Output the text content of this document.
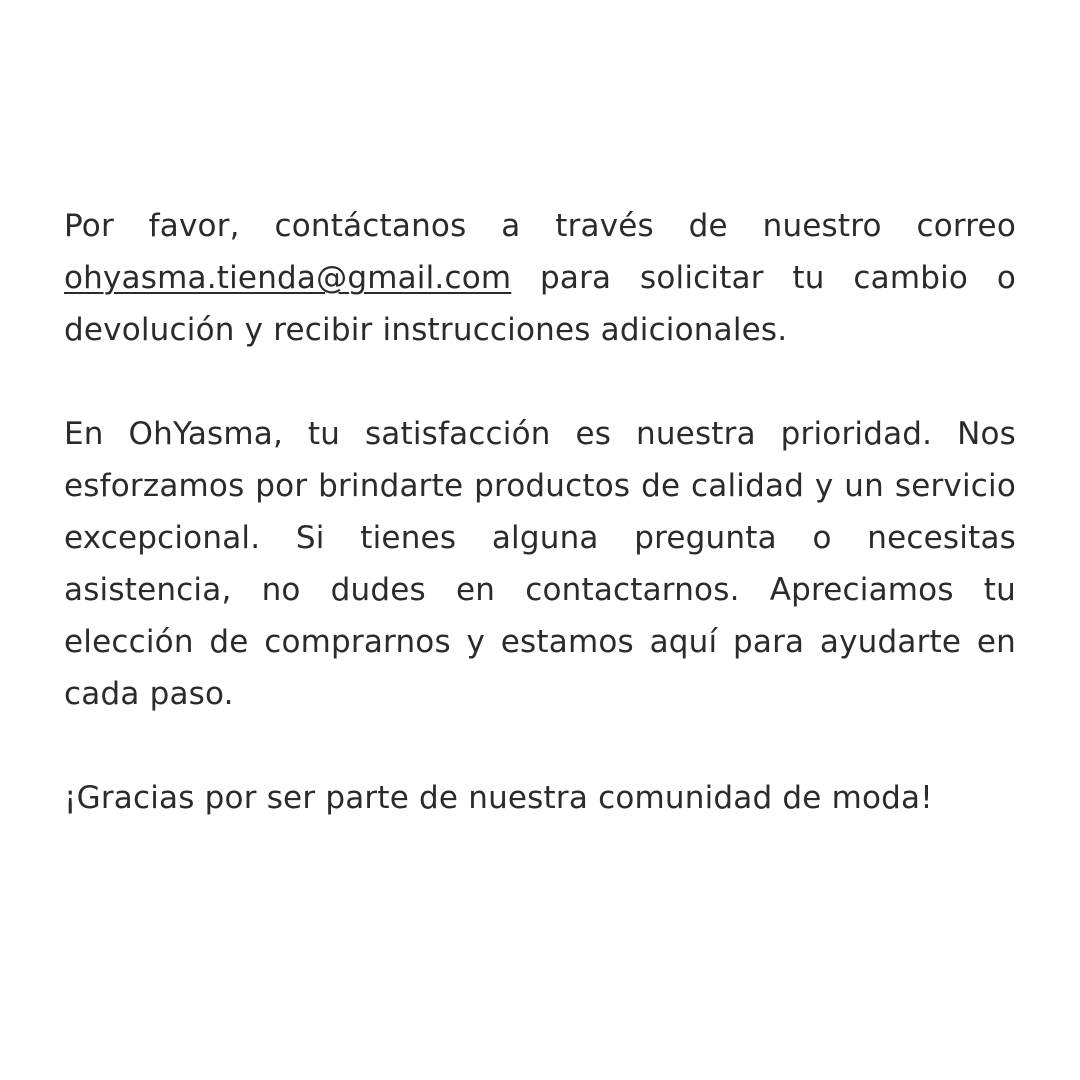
Por favor, contáctanos a través de nuestro correo ohyasma.tienda@gmail.com para solicitar tu cambio o devolución y recibir instrucciones adicionales.

En OhYasma, tu satisfacción es nuestra prioridad. Nos esforzamos por brindarte productos de calidad y un servicio excepcional. Si tienes alguna pregunta o necesitas asistencia, no dudes en contactarnos. Apreciamos tu elección de comprarnos y estamos aquí para ayudarte en cada paso.

¡Gracias por ser parte de nuestra comunidad de moda!
